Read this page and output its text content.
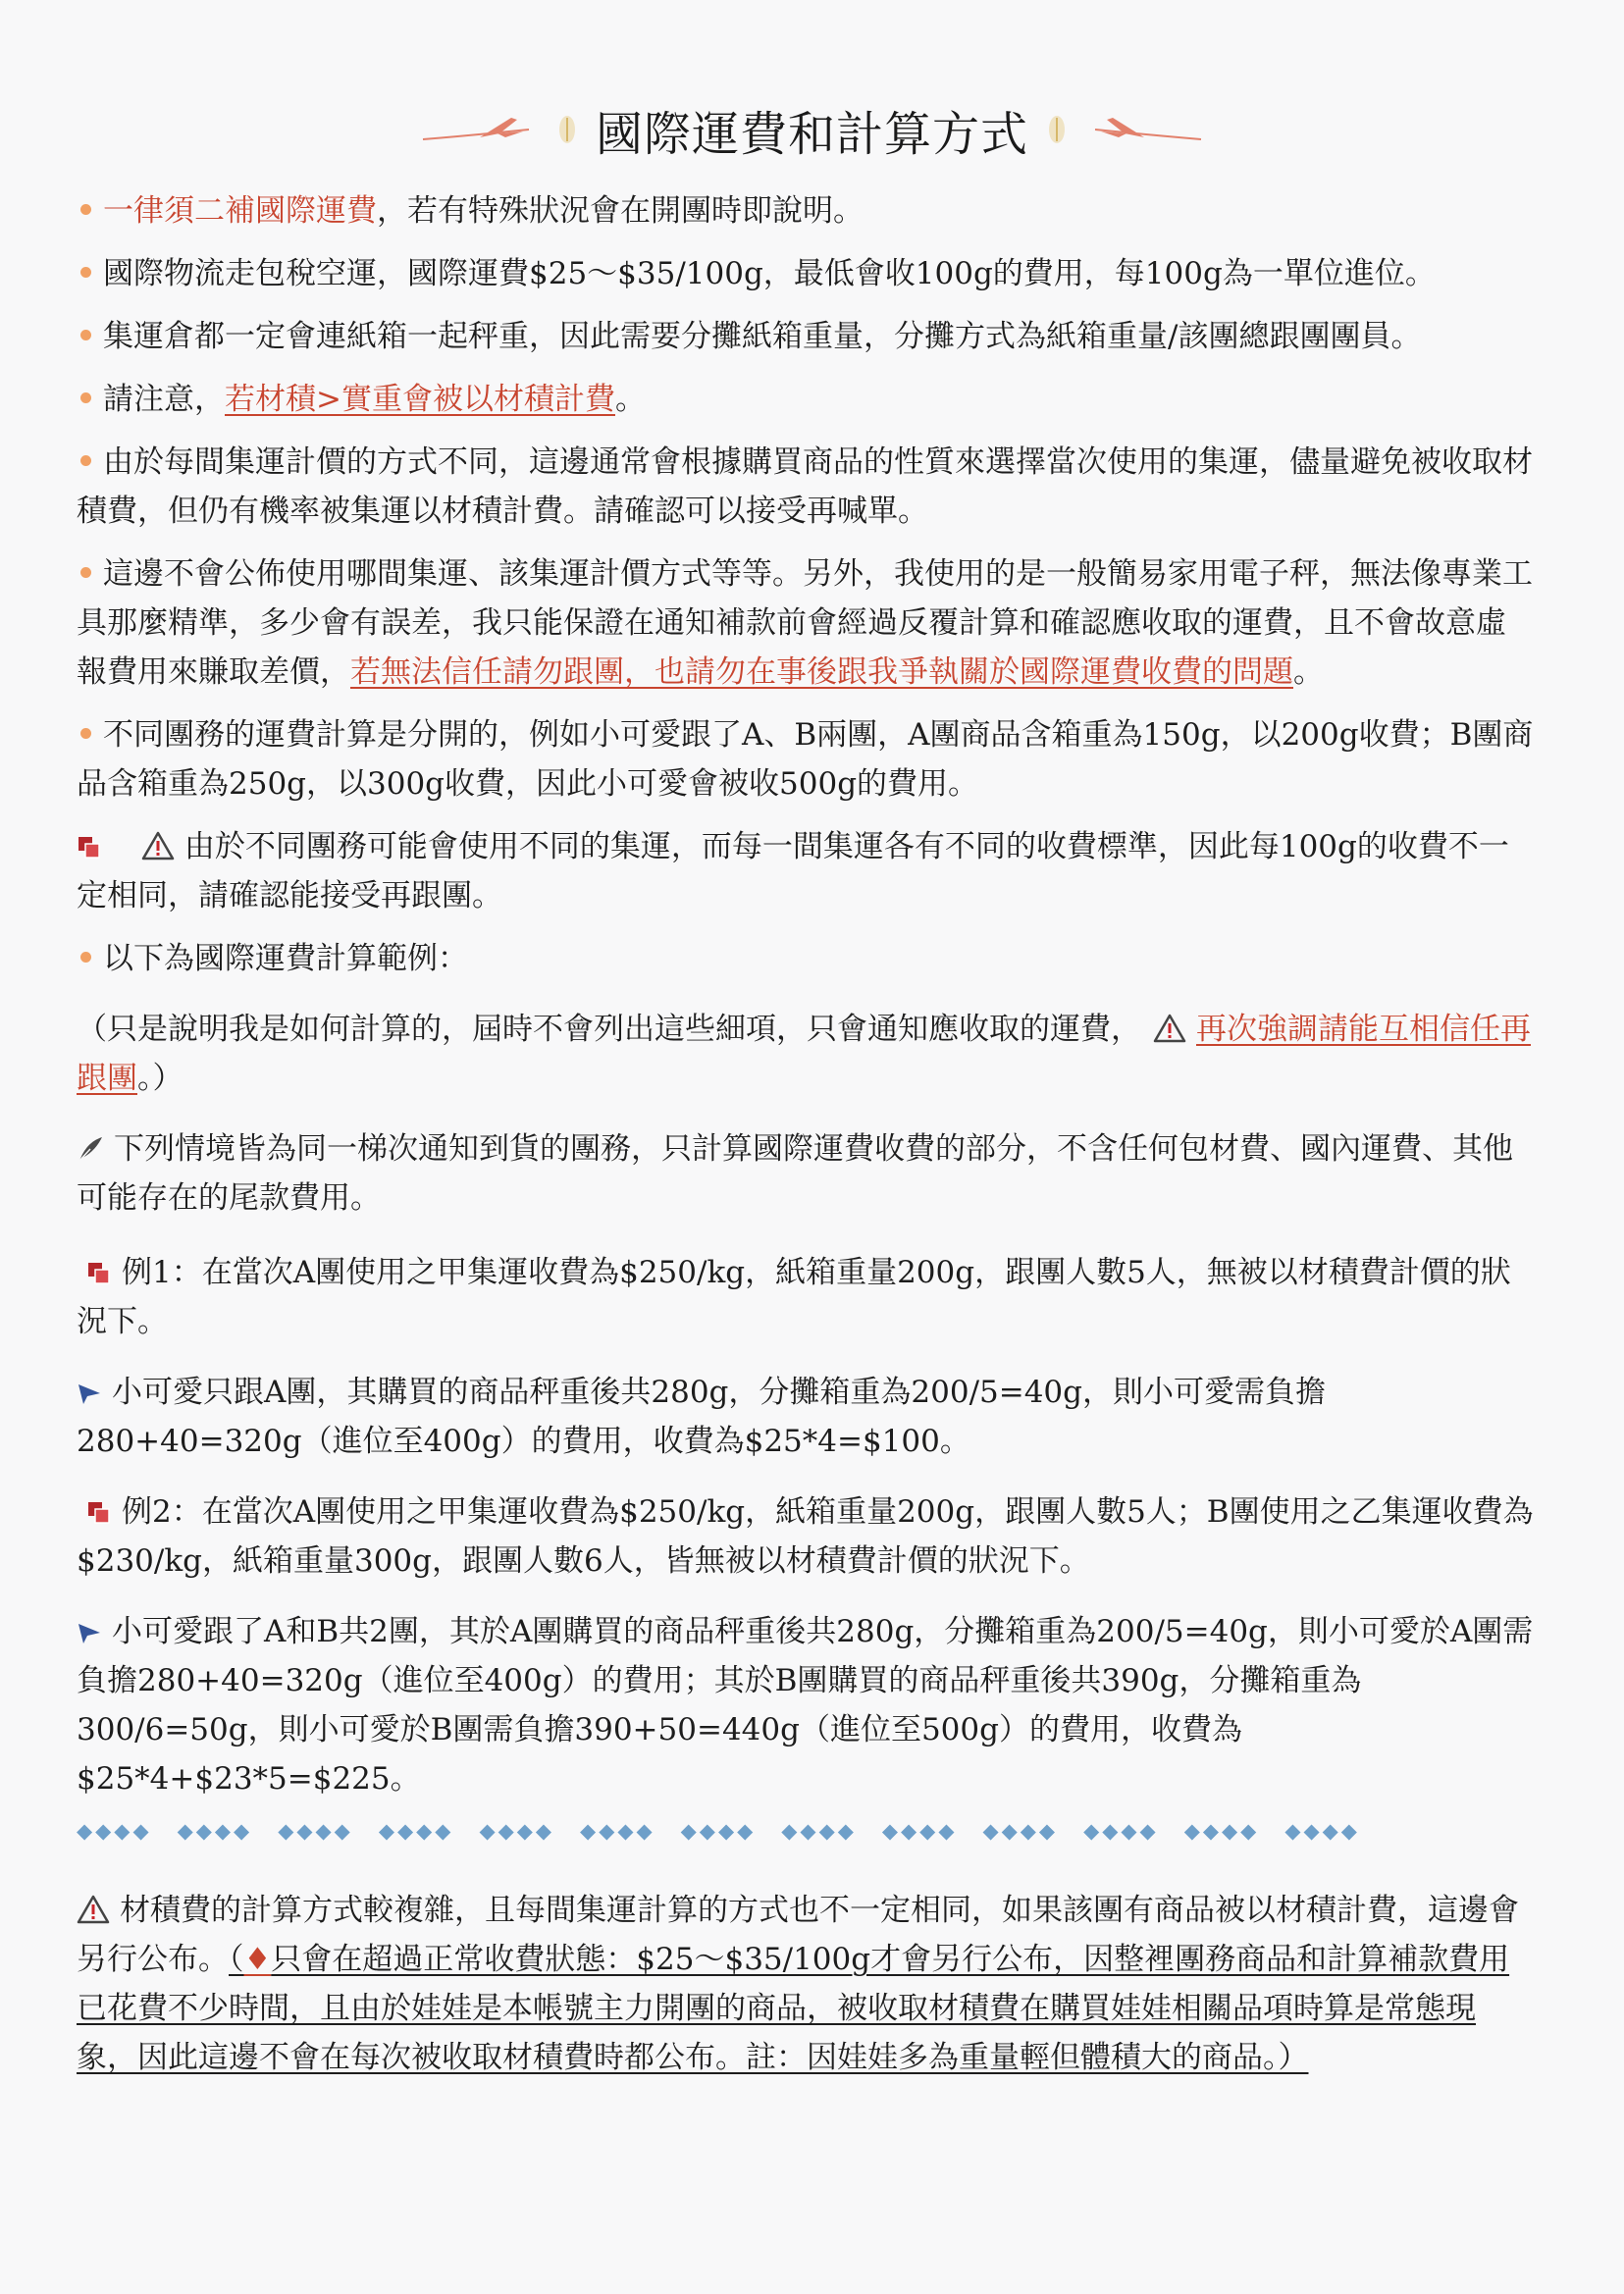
國際運費和計算方式

一律須二補國際運費，若有特殊狀況會在開團時即說明。

國際物流走包稅空運，國際運費$25～$35/100g，最低會收100g的費用，每100g為一單位進位。

集運倉都一定會連紙箱一起秤重，因此需要分攤紙箱重量，分攤方式為紙箱重量/該團總跟團團員。

請注意，若材積>實重會被以材積計費。

由於每間集運計價的方式不同，這邊通常會根據購買商品的性質來選擇當次使用的集運，儘量避免被收取材積費，但仍有機率被集運以材積計費。請確認可以接受再喊單。

這邊不會公佈使用哪間集運、該集運計價方式等等。另外，我使用的是一般簡易家用電子秤，無法像專業工具那麼精準，多少會有誤差，我只能保證在通知補款前會經過反覆計算和確認應收取的運費，且不會故意虛報費用來賺取差價，若無法信任請勿跟團，也請勿在事後跟我爭執關於國際運費收費的問題。

不同團務的運費計算是分開的，例如小可愛跟了A、B兩團，A團商品含箱重為150g，以200g收費；B團商品含箱重為250g，以300g收費，因此小可愛會被收500g的費用。

由於不同團務可能會使用不同的集運，而每一間集運各有不同的收費標準，因此每100g的收費不一定相同，請確認能接受再跟團。

以下為國際運費計算範例：

（只是說明我是如何計算的，屆時不會列出這些細項，只會通知應收取的運費， 再次強調請能互相信任再跟團。）

下列情境皆為同一梯次通知到貨的團務，只計算國際運費收費的部分，不含任何包材費、國內運費、其他可能存在的尾款費用。

例1：在當次A團使用之甲集運收費為$250/kg，紙箱重量200g，跟團人數5人，無被以材積費計價的狀況下。

小可愛只跟A團，其購買的商品秤重後共280g，分攤箱重為200/5=40g，則小可愛需負擔280+40=320g（進位至400g）的費用，收費為$25*4=$100。

例2：在當次A團使用之甲集運收費為$250/kg，紙箱重量200g，跟團人數5人；B團使用之乙集運收費為$230/kg，紙箱重量300g，跟團人數6人，皆無被以材積費計價的狀況下。

小可愛跟了A和B共2團，其於A團購買的商品秤重後共280g，分攤箱重為200/5=40g，則小可愛於A團需負擔280+40=320g（進位至400g）的費用；其於B團購買的商品秤重後共390g，分攤箱重為300/6=50g，則小可愛於B團需負擔390+50=440g（進位至500g）的費用，收費為$25*4+$23*5=$225。

◆◆◆◆ ◆◆◆◆ ◆◆◆◆ ◆◆◆◆ ◆◆◆◆ ◆◆◆◆ ◆◆◆◆ ◆◆◆◆ ◆◆◆◆ ◆◆◆◆ ◆◆◆◆ ◆◆◆◆ ◆◆◆◆

材積費的計算方式較複雜，且每間集運計算的方式也不一定相同，如果該團有商品被以材積計費，這邊會另行公布。（♦只會在超過正常收費狀態：$25～$35/100g才會另行公布，因整裡團務商品和計算補款費用已花費不少時間，且由於娃娃是本帳號主力開團的商品，被收取材積費在購買娃娃相關品項時算是常態現象，因此這邊不會在每次被收取材積費時都公布。註：因娃娃多為重量輕但體積大的商品。）
